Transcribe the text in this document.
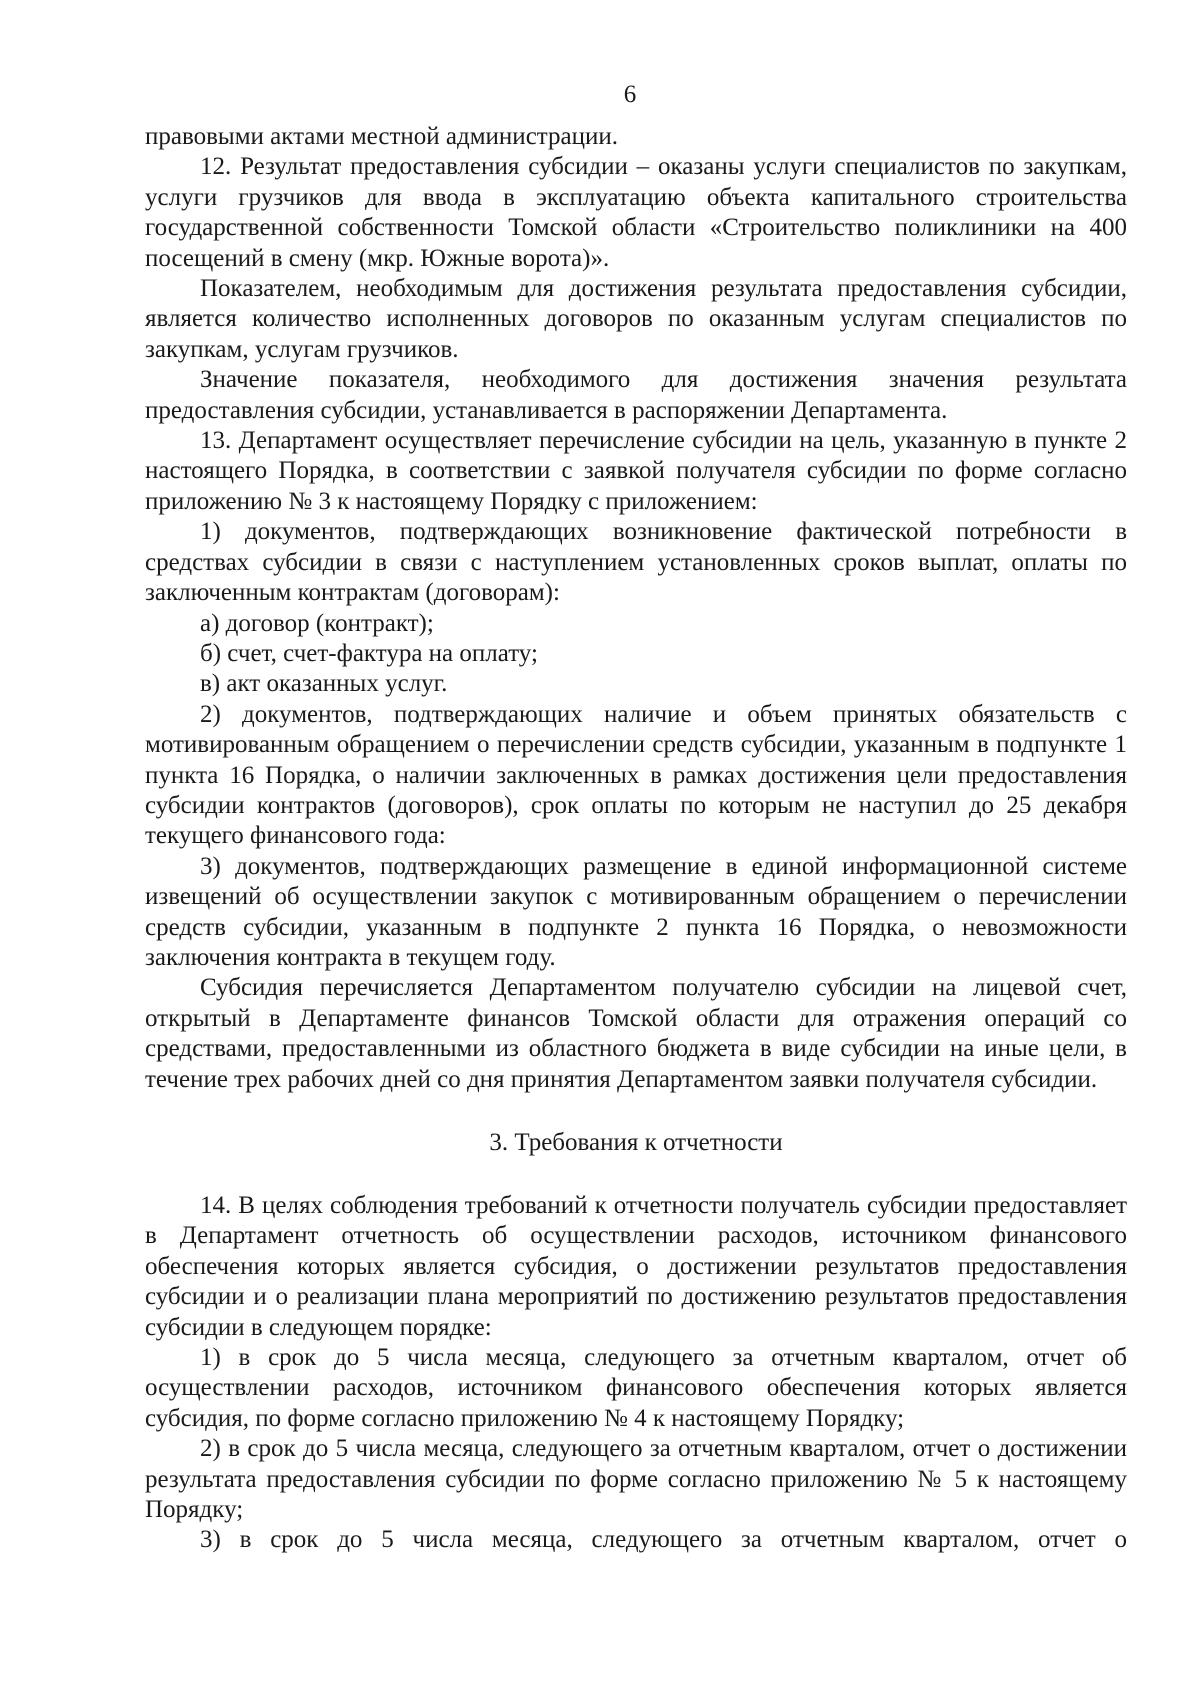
6

правовыми актами местной администрации.

12. Результат предоставления субсидии – оказаны услуги специалистов по закупкам, услуги грузчиков для ввода в эксплуатацию объекта капитального строительства государственной собственности Томской области «Строительство поликлиники на 400 посещений в смену (мкр. Южные ворота)».

Показателем, необходимым для достижения результата предоставления субсидии, является количество исполненных договоров по оказанным услугам специалистов по закупкам, услугам грузчиков.

Значение показателя, необходимого для достижения значения результата предоставления субсидии, устанавливается в распоряжении Департамента.

13. Департамент осуществляет перечисление субсидии на цель, указанную в пункте 2 настоящего Порядка, в соответствии с заявкой получателя субсидии по форме согласно приложению № 3 к настоящему Порядку с приложением:

1) документов, подтверждающих возникновение фактической потребности в средствах субсидии в связи с наступлением установленных сроков выплат, оплаты по заключенным контрактам (договорам):

а) договор (контракт);

б) счет, счет-фактура на оплату;

в) акт оказанных услуг.

2) документов, подтверждающих наличие и объем принятых обязательств с мотивированным обращением о перечислении средств субсидии, указанным в подпункте 1 пункта 16 Порядка, о наличии заключенных в рамках достижения цели предоставления субсидии контрактов (договоров), срок оплаты по которым не наступил до 25 декабря текущего финансового года:

3) документов, подтверждающих размещение в единой информационной системе извещений об осуществлении закупок с мотивированным обращением о перечислении средств субсидии, указанным в подпункте 2 пункта 16 Порядка, о невозможности заключения контракта в текущем году.

Субсидия перечисляется Департаментом получателю субсидии на лицевой счет, открытый в Департаменте финансов Томской области для отражения операций со средствами, предоставленными из областного бюджета в виде субсидии на иные цели, в течение трех рабочих дней со дня принятия Департаментом заявки получателя субсидии.

3. Требования к отчетности

14. В целях соблюдения требований к отчетности получатель субсидии предоставляет в Департамент отчетность об осуществлении расходов, источником финансового обеспечения которых является субсидия, о достижении результатов предоставления субсидии и о реализации плана мероприятий по достижению результатов предоставления субсидии в следующем порядке:

1) в срок до 5 числа месяца, следующего за отчетным кварталом, отчет об осуществлении расходов, источником финансового обеспечения которых является субсидия, по форме согласно приложению № 4 к настоящему Порядку;

2) в срок до 5 числа месяца, следующего за отчетным кварталом, отчет о достижении результата предоставления субсидии по форме согласно приложению № 5 к настоящему Порядку;

3) в срок до 5 числа месяца, следующего за отчетным кварталом, отчет о
